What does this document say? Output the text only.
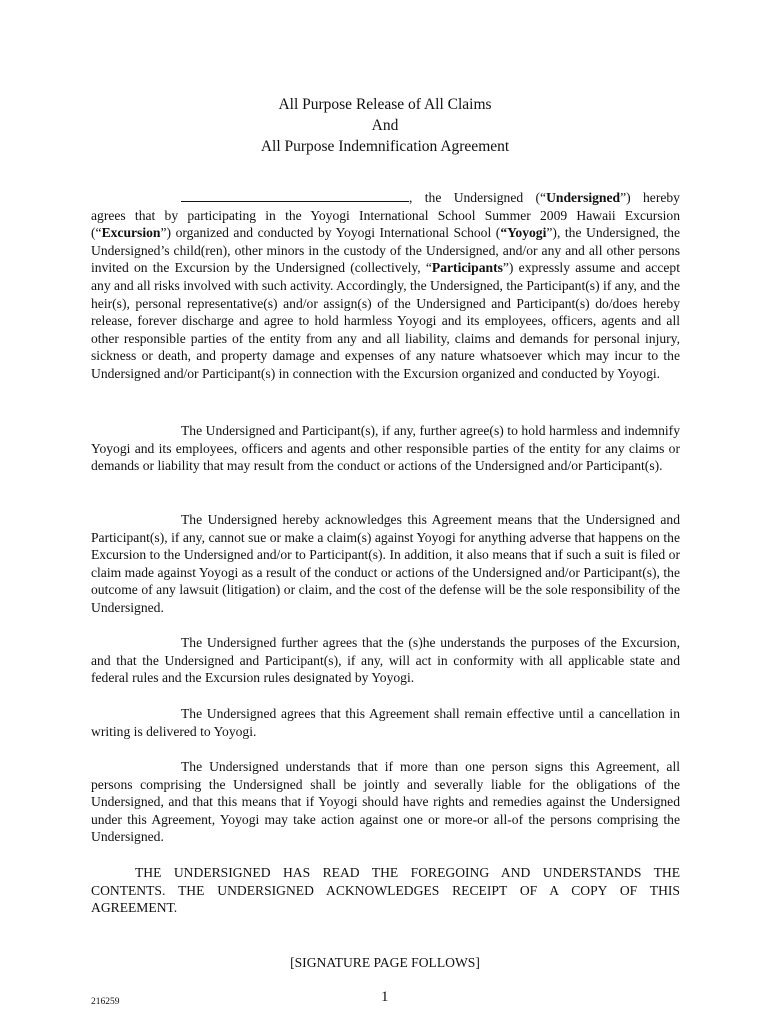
All Purpose Release of All Claims
And
All Purpose Indemnification Agreement

, the Undersigned (“Undersigned”) hereby agrees that by participating in the Yoyogi International School Summer 2009 Hawaii Excursion (“Excursion”) organized and conducted by Yoyogi International School (“Yoyogi”), the Undersigned, the Undersigned’s child(ren), other minors in the custody of the Undersigned, and/or any and all other persons invited on the Excursion by the Undersigned (collectively, “Participants”) expressly assume and accept any and all risks involved with such activity. Accordingly, the Undersigned, the Participant(s) if any, and the heir(s), personal representative(s) and/or assign(s) of the Undersigned and Participant(s) do/does hereby release, forever discharge and agree to hold harmless Yoyogi and its employees, officers, agents and all other responsible parties of the entity from any and all liability, claims and demands for personal injury, sickness or death, and property damage and expenses of any nature whatsoever which may incur to the Undersigned and/or Participant(s) in connection with the Excursion organized and conducted by Yoyogi.

The Undersigned and Participant(s), if any, further agree(s) to hold harmless and indemnify Yoyogi and its employees, officers and agents and other responsible parties of the entity for any claims or demands or liability that may result from the conduct or actions of the Undersigned and/or Participant(s).

The Undersigned hereby acknowledges this Agreement means that the Undersigned and Participant(s), if any, cannot sue or make a claim(s) against Yoyogi for anything adverse that happens on the Excursion to the Undersigned and/or to Participant(s). In addition, it also means that if such a suit is filed or claim made against Yoyogi as a result of the conduct or actions of the Undersigned and/or Participant(s), the outcome of any lawsuit (litigation) or claim, and the cost of the defense will be the sole responsibility of the Undersigned.

The Undersigned further agrees that the (s)he understands the purposes of the Excursion, and that the Undersigned and Participant(s), if any, will act in conformity with all applicable state and federal rules and the Excursion rules designated by Yoyogi.

The Undersigned agrees that this Agreement shall remain effective until a cancellation in writing is delivered to Yoyogi.

The Undersigned understands that if more than one person signs this Agreement, all persons comprising the Undersigned shall be jointly and severally liable for the obligations of the Undersigned, and that this means that if Yoyogi should have rights and remedies against the Undersigned under this Agreement, Yoyogi may take action against one or more-or all-of the persons comprising the Undersigned.

THE UNDERSIGNED HAS READ THE FOREGOING AND UNDERSTANDS THE CONTENTS. THE UNDERSIGNED ACKNOWLEDGES RECEIPT OF A COPY OF THIS AGREEMENT.

[SIGNATURE PAGE FOLLOWS]
216259	1
